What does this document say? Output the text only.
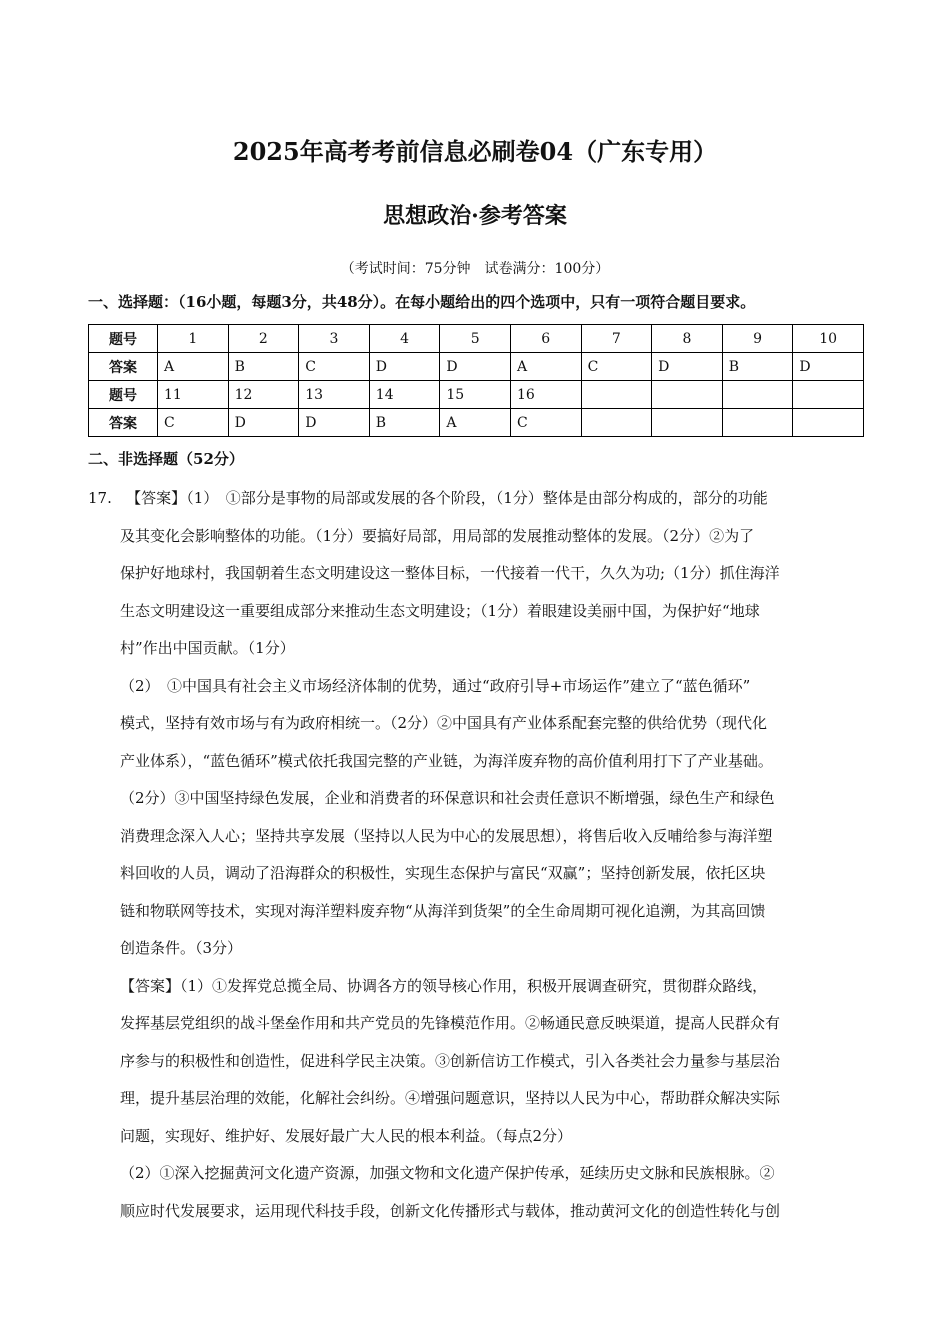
2025年高考考前信息必刷卷04（广东专用）
思想政治·参考答案
（考试时间：75分钟　试卷满分：100分）
一、选择题：（16小题，每题3分，共48分）。在每小题给出的四个选项中，只有一项符合题目要求。
题号	1	2	3	4	5	6	7	8	9	10
答案	A	B	C	D	D	A	C	D	B	D
题号	11	12	13	14	15	16				
答案	C	D	D	B	A	C				
二、非选择题（52分）

17. 【答案】（1）　①部分是事物的局部或发展的各个阶段，（1分）整体是由部分构成的，部分的功能

及其变化会影响整体的功能。（1分）要搞好局部，用局部的发展推动整体的发展。（2分）②为了

保护好地球村，我国朝着生态文明建设这一整体目标，一代接着一代干，久久为功;（1分）抓住海洋

生态文明建设这一重要组成部分来推动生态文明建设；（1分）着眼建设美丽中国，为保护好“地球

村”作出中国贡献。（1分）

（2）　①中国具有社会主义市场经济体制的优势，通过“政府引导+市场运作”建立了“蓝色循环”

模式，坚持有效市场与有为政府相统一。（2分）②中国具有产业体系配套完整的供给优势（现代化

产业体系），“蓝色循环”模式依托我国完整的产业链，为海洋废弃物的高价值利用打下了产业基础。

（2分）③中国坚持绿色发展，企业和消费者的环保意识和社会责任意识不断增强，绿色生产和绿色

消费理念深入人心；坚持共享发展（坚持以人民为中心的发展思想），将售后收入反哺给参与海洋塑

料回收的人员，调动了沿海群众的积极性，实现生态保护与富民“双赢”；坚持创新发展，依托区块

链和物联网等技术，实现对海洋塑料废弃物“从海洋到货架”的全生命周期可视化追溯，为其高回馈

创造条件。（3分）

【答案】（1）①发挥党总揽全局、协调各方的领导核心作用，积极开展调查研究，贯彻群众路线，

发挥基层党组织的战斗堡垒作用和共产党员的先锋模范作用。②畅通民意反映渠道，提高人民群众有

序参与的积极性和创造性，促进科学民主决策。③创新信访工作模式，引入各类社会力量参与基层治

理，提升基层治理的效能，化解社会纠纷。④增强问题意识，坚持以人民为中心，帮助群众解决实际

问题，实现好、维护好、发展好最广大人民的根本利益。（每点2分）

（2）①深入挖掘黄河文化遗产资源，加强文物和文化遗产保护传承，延续历史文脉和民族根脉。②

顺应时代发展要求，运用现代科技手段，创新文化传播形式与载体，推动黄河文化的创造性转化与创
